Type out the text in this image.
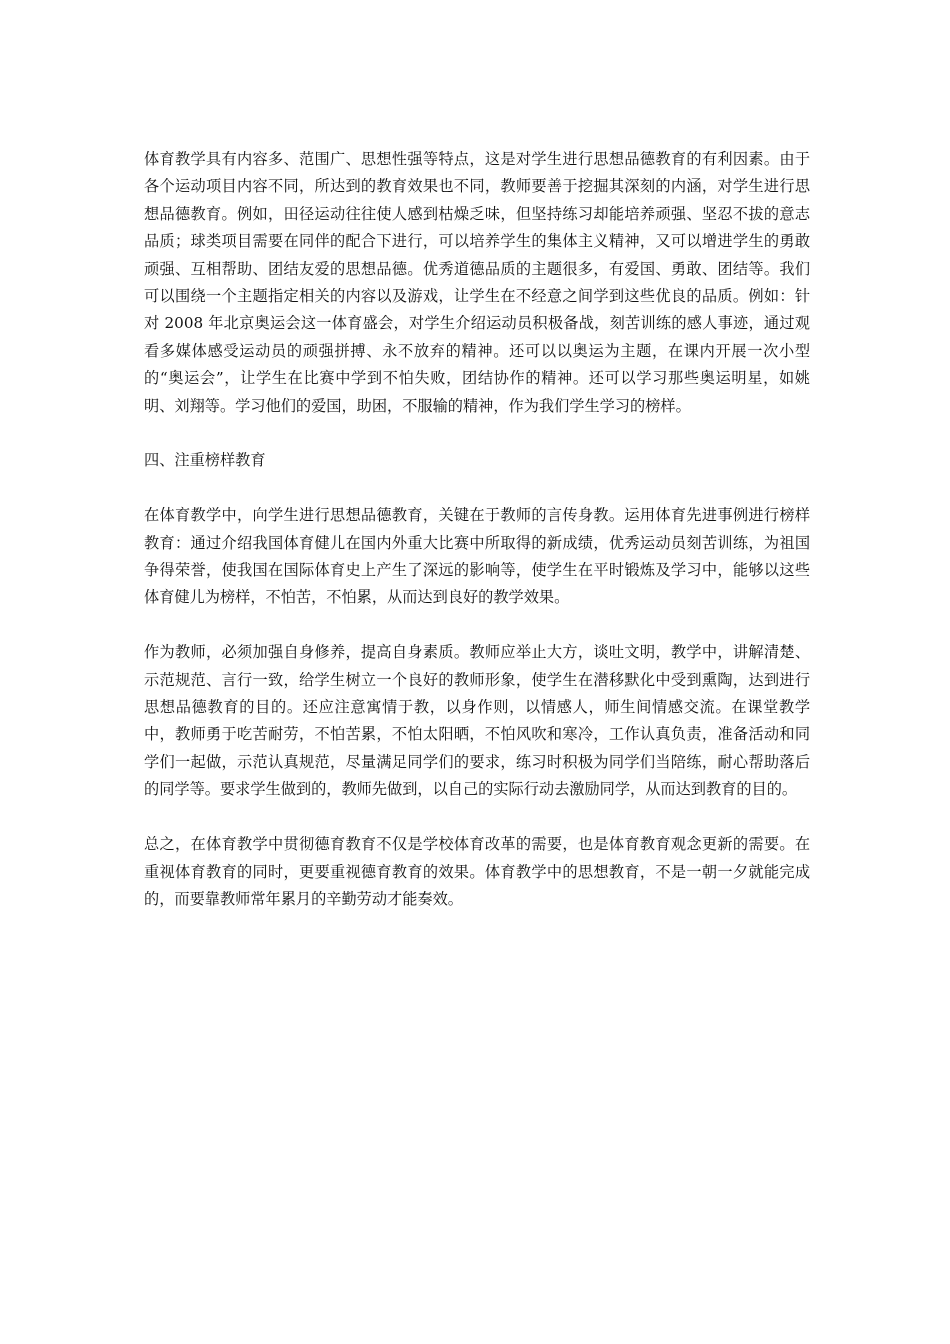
体育教学具有内容多、范围广、思想性强等特点，这是对学生进行思想品德教育的有利因素。由于各个运动项目内容不同，所达到的教育效果也不同，教师要善于挖掘其深刻的内涵，对学生进行思想品德教育。例如，田径运动往往使人感到枯燥乏味，但坚持练习却能培养顽强、坚忍不拔的意志品质；球类项目需要在同伴的配合下进行，可以培养学生的集体主义精神，又可以增进学生的勇敢顽强、互相帮助、团结友爱的思想品德。优秀道德品质的主题很多，有爱国、勇敢、团结等。我们可以围绕一个主题指定相关的内容以及游戏，让学生在不经意之间学到这些优良的品质。例如：针对 2008 年北京奥运会这一体育盛会，对学生介绍运动员积极备战，刻苦训练的感人事迹，通过观看多媒体感受运动员的顽强拼搏、永不放弃的精神。还可以以奥运为主题，在课内开展一次小型的“奥运会”，让学生在比赛中学到不怕失败，团结协作的精神。还可以学习那些奥运明星，如姚明、刘翔等。学习他们的爱国，助困，不服输的精神，作为我们学生学习的榜样。

四、注重榜样教育

在体育教学中，向学生进行思想品德教育，关键在于教师的言传身教。运用体育先进事例进行榜样教育：通过介绍我国体育健儿在国内外重大比赛中所取得的新成绩，优秀运动员刻苦训练，为祖国争得荣誉，使我国在国际体育史上产生了深远的影响等，使学生在平时锻炼及学习中，能够以这些体育健儿为榜样，不怕苦，不怕累，从而达到良好的教学效果。

作为教师，必须加强自身修养，提高自身素质。教师应举止大方，谈吐文明，教学中，讲解清楚、示范规范、言行一致，给学生树立一个良好的教师形象，使学生在潜移默化中受到熏陶，达到进行思想品德教育的目的。还应注意寓情于教，以身作则，以情感人，师生间情感交流。在课堂教学中，教师勇于吃苦耐劳，不怕苦累，不怕太阳晒，不怕风吹和寒冷，工作认真负责，准备活动和同学们一起做，示范认真规范，尽量满足同学们的要求，练习时积极为同学们当陪练，耐心帮助落后的同学等。要求学生做到的，教师先做到，以自己的实际行动去激励同学，从而达到教育的目的。

总之，在体育教学中贯彻德育教育不仅是学校体育改革的需要，也是体育教育观念更新的需要。在重视体育教育的同时，更要重视德育教育的效果。体育教学中的思想教育，不是一朝一夕就能完成的，而要靠教师常年累月的辛勤劳动才能奏效。
